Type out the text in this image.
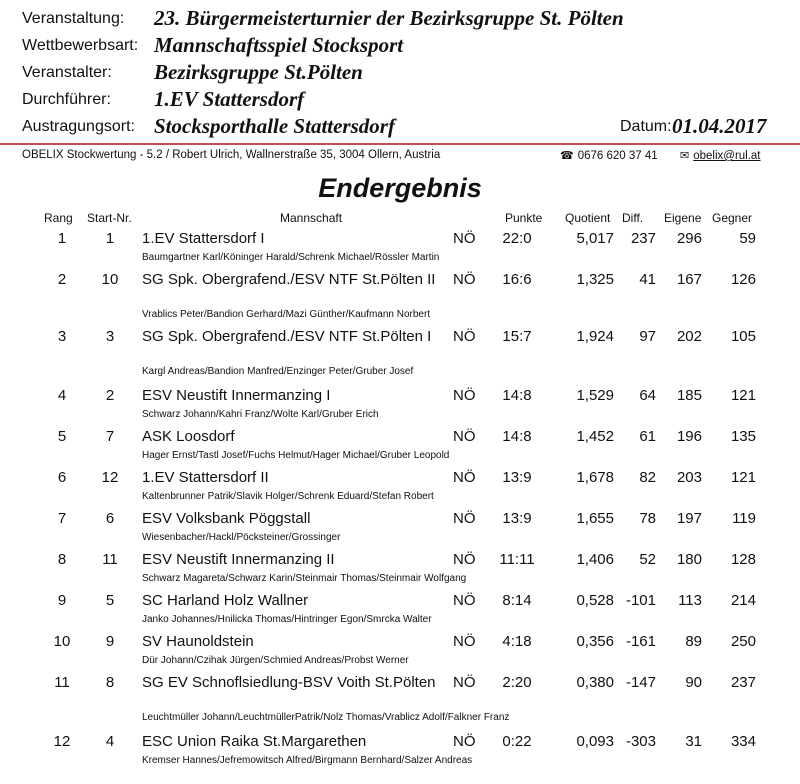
Veranstaltung: 23. Bürgermeisterturnier der Bezirksgruppe St. Pölten
Wettbewerbsart: Mannschaftsspiel Stocksport
Veranstalter: Bezirksgruppe St.Pölten
Durchführer: 1.EV Stattersdorf
Austragungsort: Stocksporthalle Stattersdorf	Datum: 01.04.2017
OBELIX Stockwertung - 5.2 / Robert Ulrich, Wallnerstraße 35, 3004 Ollern, Austria	☎ 0676 620 37 41 ✉ obelix@rul.at
Endergebnis
Rang Start-Nr.	Mannschaft	Punkte Quotient Diff. Eigene Gegner
1	1	1.EV Stattersdorf I	NÖ	22:0	5,017	237	296	59
Baumgartner Karl/Köninger Harald/Schrenk Michael/Rössler Martin
2	10	SG Spk. Obergrafend./ESV NTF St.Pölten II	NÖ	16:6	1,325	41	167	126
Vrablics Peter/Bandion Gerhard/Mazi Günther/Kaufmann Norbert
3	3	SG Spk. Obergrafend./ESV NTF St.Pölten I	NÖ	15:7	1,924	97	202	105
Kargl Andreas/Bandion Manfred/Enzinger Peter/Gruber Josef
4	2	ESV Neustift Innermanzing I	NÖ	14:8	1,529	64	185	121
Schwarz Johann/Kahri Franz/Wolte Karl/Gruber Erich
5	7	ASK Loosdorf	NÖ	14:8	1,452	61	196	135
Hager Ernst/Tastl Josef/Fuchs Helmut/Hager Michael/Gruber Leopold
6	12	1.EV Stattersdorf II	NÖ	13:9	1,678	82	203	121
Kaltenbrunner Patrik/Slavik Holger/Schrenk Eduard/Stefan Robert
7	6	ESV Volksbank Pöggstall	NÖ	13:9	1,655	78	197	119
Wiesenbacher/Hackl/Pöcksteiner/Grossinger
8	11	ESV Neustift Innermanzing II	NÖ	11:11	1,406	52	180	128
Schwarz Magareta/Schwarz Karin/Steinmair Thomas/Steinmair Wolfgang
9	5	SC Harland Holz Wallner	NÖ	8:14	0,528 -101	113	214
Janko Johannes/Hnilicka Thomas/Hintringer Egon/Smrcka Walter
10	9	SV Haunoldstein	NÖ	4:18	0,356 -161	89	250
Dür Johann/Czihak Jürgen/Schmied Andreas/Probst Werner
11	8	SG EV Schnoflsiedlung-BSV Voith St.Pölten	NÖ	2:20	0,380 -147	90	237
Leuchtmüller Johann/LeuchtmüllerPatrik/Nolz Thomas/Vrablicz Adolf/Falkner Franz
12	4	ESC Union Raika St.Margarethen	NÖ	0:22	0,093 -303	31	334
Kremser Hannes/Jefremowitsch Alfred/Birgmann Bernhard/Salzer Andreas
